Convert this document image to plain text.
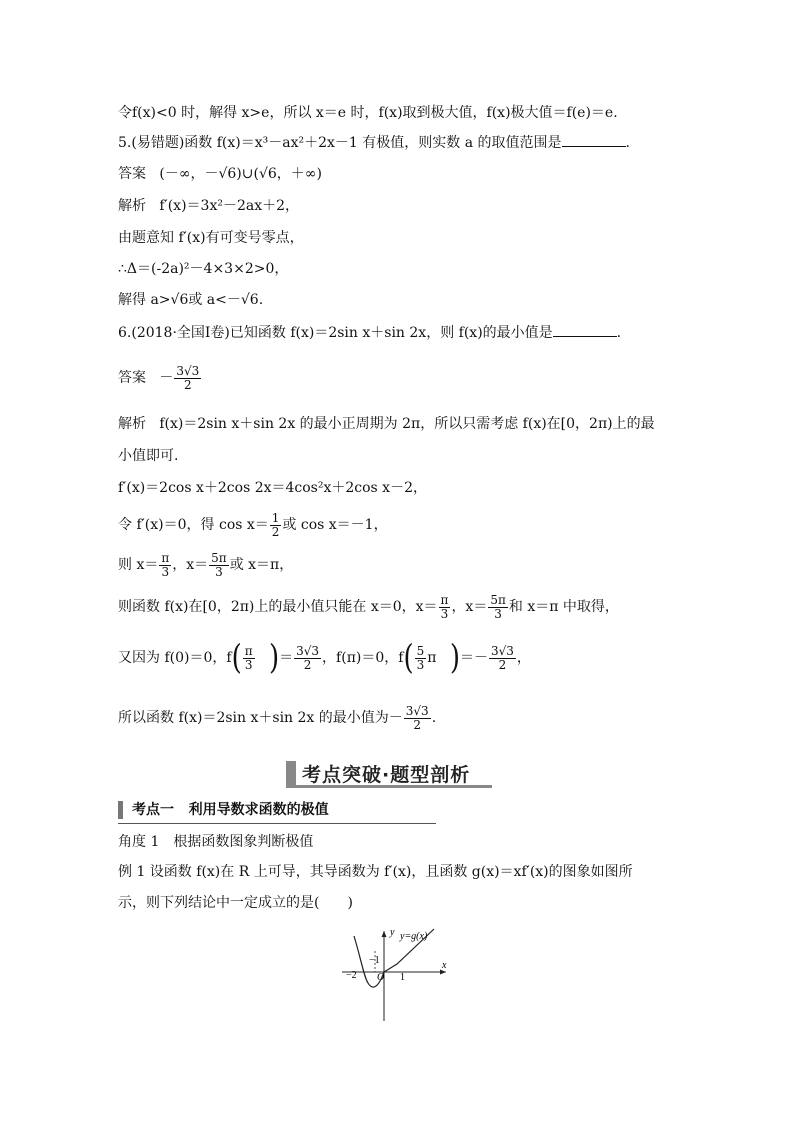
令f(x)<0 时，解得 x>e，所以 x＝e 时，f(x)取到极大值，f(x)极大值＝f(e)＝e.
5.(易错题)函数 f(x)＝x³－ax²＋2x－1 有极值，则实数 a 的取值范围是	.
答案 (－∞，－√6)∪(√6，＋∞)
解析 f′(x)＝3x²－2ax＋2，
由题意知 f′(x)有可变号零点，
∴Δ＝(-2a)²－4×3×2>0，
解得 a>√6或 a<－√6.
6.(2018·全国Ⅰ卷)已知函数 f(x)＝2sin x＋sin 2x，则 f(x)的最小值是	.
答案 － $\frac{3√3}{2}$
解析 f(x)＝2sin x＋sin 2x 的最小正周期为 2π，所以只需考虑 f(x)在[0，2π)上的最
小值即可.
f′(x)＝2cos x＋2cos 2x＝4cos²x＋2cos x－2，
令 f′(x)＝0，得 $\cos x= \frac{1}{2}$ 或 cos x＝－1，
则 $x= \frac{\pi}{3}$ ，$x= \frac{5\pi}{3}$ 或 x＝π，
则函数 f(x)在[0，2π)上的最小值只能在 x＝0，$x= \frac{\pi}{3}$ ，$x= \frac{5\pi}{3}$ 和 x＝π 中取得，
又因为 f(0)＝0，$f( \frac{\pi}{3}$ )＝ $\frac{3√3}{2}$ ，f(π)＝0，$f( \frac{5}{3}$ π )＝－ $\frac{3√3}{2}$ ，
所以函数 f(x)＝2sin x＋sin 2x 的最小值为－ $\frac{3√3}{2}$ .
考点突破·题型剖析
考点一 利用导数求函数的极值
角度 1　根据函数图象判断极值
例 1 设函数 f(x)在 R 上可导，其导函数为 f′(x)，且函数 g(x)＝xf′(x)的图象如图所
示，则下列结论中一定成立的是(　　)
y y=g(x)
x
−1
−2 O 1
